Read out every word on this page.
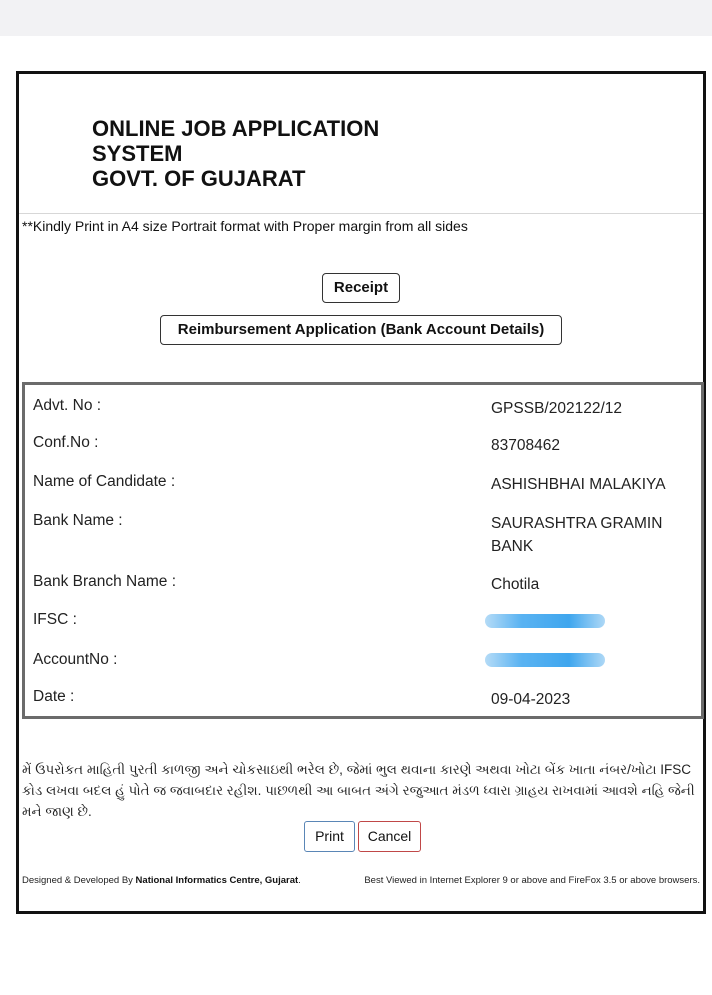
ONLINE JOB APPLICATION
SYSTEM
GOVT. OF GUJARAT
**Kindly Print in A4 size Portrait format with Proper margin from all sides
Receipt
Reimbursement Application (Bank Account Details)
Advt. No :	GPSSB/202122/12
Conf.No :	83708462
Name of Candidate :	ASHISHBHAI MALAKIYA
Bank Name :	SAURASHTRA GRAMIN BANK
Bank Branch Name :	Chotila
IFSC :
AccountNo :
Date :	09-04-2023
મેં ઉપરોકત માહિતી પુરતી કાળજી અને ચોકસાઇથી ભરેલ છે, જેમાં ભુલ થવાના કારણે અથવા ખોટા બેંક ખાતા નંબર/ખોટા IFSC કોડ લખવા બદલ હું પોતે જ જવાબદાર રહીશ. પાછળથી આ બાબત અંગે રજુઆત મંડળ ધ્વારા ગ્રાહય રાખવામાં આવશે નહિ જેની મને જાણ છે.
Print	Cancel
Designed & Developed By National Informatics Centre, Gujarat.	Best Viewed in Internet Explorer 9 or above and FireFox 3.5 or above browsers.
